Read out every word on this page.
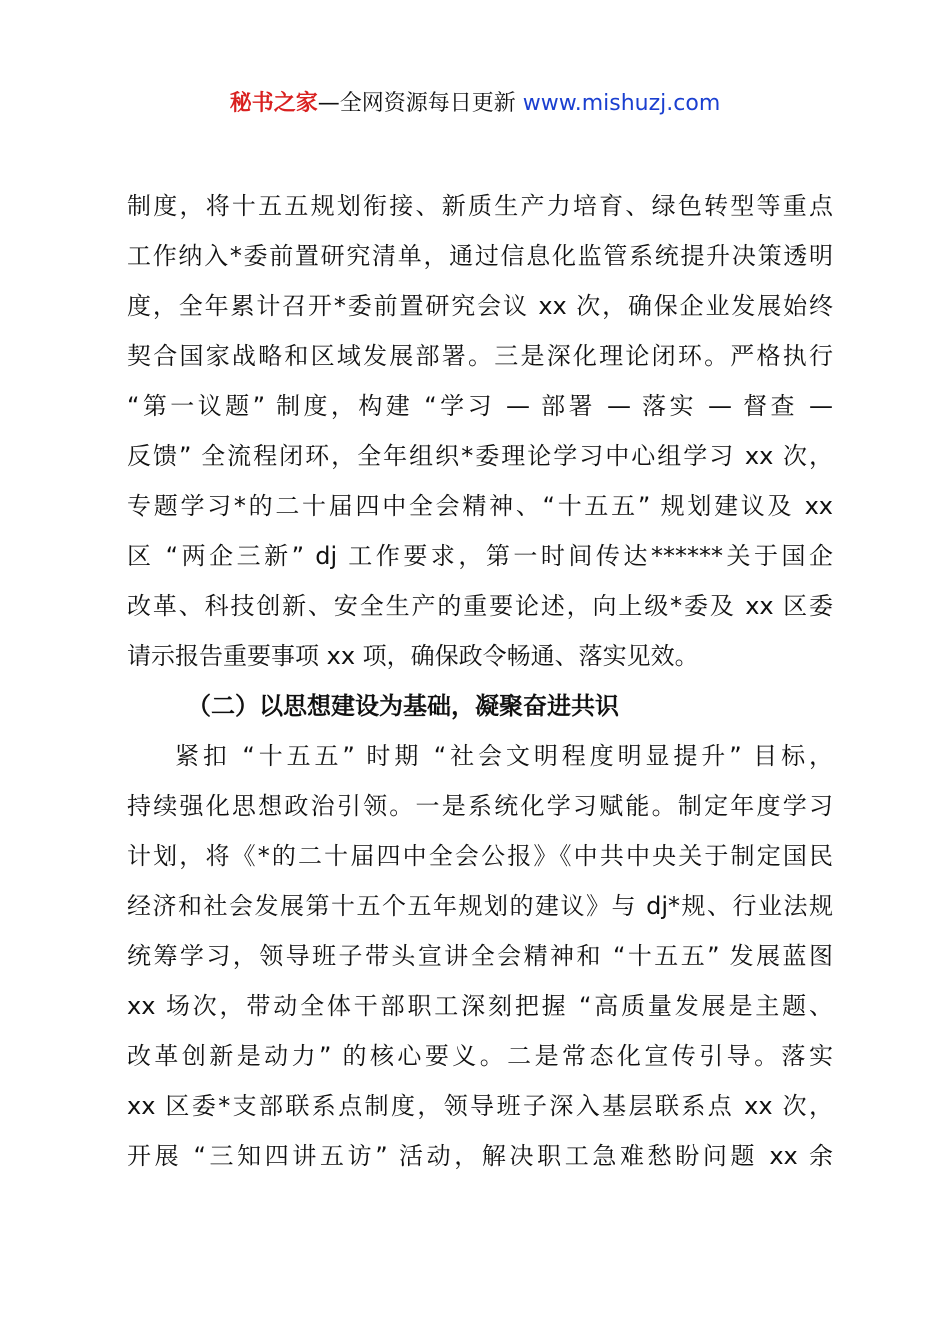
秘书之家—全网资源每日更新 www.mishuzj.com
制度，将十五五规划衔接、新质生产力培育、绿色转型等重点
工作纳入*委前置研究清单，通过信息化监管系统提升决策透明
度，全年累计召开*委前置研究会议 xx 次，确保企业发展始终
契合国家战略和区域发展部署。三是深化理论闭环。严格执行
“第一议题” 制度，构建 “学习 — 部署 — 落实 — 督查 —
反馈” 全流程闭环，全年组织*委理论学习中心组学习 xx 次，
专题学习*的二十届四中全会精神、“十五五” 规划建议及 xx
区 “两企三新” dj 工作要求，第一时间传达******关于国企
改革、科技创新、安全生产的重要论述，向上级*委及 xx 区委
请示报告重要事项 xx 项，确保政令畅通、落实见效。
（二）以思想建设为基础，凝聚奋进共识
紧扣 “十五五” 时期 “社会文明程度明显提升” 目标，
持续强化思想政治引领。一是系统化学习赋能。制定年度学习
计划，将《*的二十届四中全会公报》《中共中央关于制定国民
经济和社会发展第十五个五年规划的建议》与 dj*规、行业法规
统筹学习，领导班子带头宣讲全会精神和 “十五五” 发展蓝图
xx 场次，带动全体干部职工深刻把握 “高质量发展是主题、
改革创新是动力” 的核心要义。二是常态化宣传引导。落实
xx 区委*支部联系点制度，领导班子深入基层联系点 xx 次，
开展 “三知四讲五访” 活动，解决职工急难愁盼问题 xx 余
